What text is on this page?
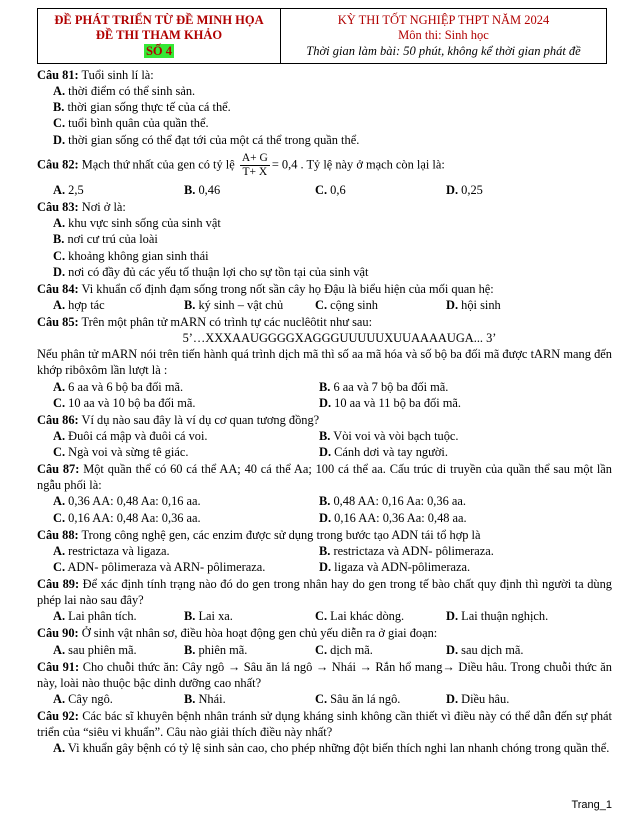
ĐỀ PHÁT TRIỂN TỪ ĐỀ MINH HỌA
ĐỀ THI THAM KHẢO
SỐ 4

KỲ THI TỐT NGHIỆP THPT NĂM 2024
Môn thi: Sinh học
Thời gian làm bài: 50 phút, không kể thời gian phát đề
Câu 81: Tuổi sinh lí là:
A. thời điểm có thể sinh sản.
B. thời gian sống thực tế của cá thể.
C. tuổi bình quân của quần thể.
D. thời gian sống có thể đạt tới của một cá thể trong quần thể.
Câu 82: Mạch thứ nhất của gen có tỷ lệ $\frac{A+ G}{T+ X} = 0,4$ . Tỷ lệ này ở mạch còn lại là:
A. 2,5	B. 0,46	C. 0,6	D. 0,25
Câu 83: Nơi ở là:
A. khu vực sinh sống của sinh vật
B. nơi cư trú của loài
C. khoảng không gian sinh thái
D. nơi có đầy đủ các yếu tố thuận lợi cho sự tồn tại của sinh vật
Câu 84: Vi khuẩn cố định đạm sống trong nốt sần cây họ Đậu là biểu hiện của mối quan hệ:
A. hợp tác	B. ký sinh – vật chủ	C. cộng sinh	D. hội sinh
Câu 85: Trên một phân tử mARN có trình tự các nuclêôtit như sau:
5’…XXXAAUGGGGXAGGGUUUUUXUUAAAAUGA... 3’
Nếu phân tử mARN nói trên tiến hành quá trình dịch mã thì số aa mã hóa và số bộ ba đối mã được tARN mang đến khớp ribôxôm lần lượt là :
A. 6 aa và 6 bộ ba đối mã.	B. 6 aa và 7 bộ ba đối mã.
C. 10 aa và 10 bộ ba đối mã.	D. 10 aa và 11 bộ ba đối mã.
Câu 86: Ví dụ nào sau đây là ví dụ cơ quan tương đồng?
A. Đuôi cá mập và đuôi cá voi.	B. Vòi voi và vòi bạch tuộc.
C. Ngà voi và sừng tê giác.	D. Cánh dơi và tay người.
Câu 87: Một quần thể có 60 cá thể AA; 40 cá thể Aa; 100 cá thể aa. Cấu trúc di truyền của quần thể sau một lần ngẫu phối là:
A. 0,36 AA: 0,48 Aa: 0,16 aa.	B. 0,48 AA: 0,16 Aa: 0,36 aa.
C. 0,16 AA: 0,48 Aa: 0,36 aa.	D. 0,16 AA: 0,36 Aa: 0,48 aa.
Câu 88: Trong công nghệ gen, các enzim được sử dụng trong bước tạo ADN tái tổ hợp là
A. restrictaza và ligaza.	B. restrictaza và ADN- pôlimeraza.
C. ADN- pôlimeraza và ARN- pôlimeraza.	D. ligaza và ADN-pôlimeraza.
Câu 89: Để xác định tính trạng nào đó do gen trong nhân hay do gen trong tế bào chất quy định thì người ta dùng phép lai nào sau đây?
A. Lai phân tích.	B. Lai xa.	C. Lai khác dòng.	D. Lai thuận nghịch.
Câu 90: Ở sinh vật nhân sơ, điều hòa hoạt động gen chủ yếu diễn ra ở giai đoạn:
A. sau phiên mã.	B. phiên mã.	C. dịch mã.	D. sau dịch mã.
Câu 91: Cho chuỗi thức ăn: Cây ngô → Sâu ăn lá ngô → Nhái → Rắn hổ mang→ Diều hâu. Trong chuỗi thức ăn này, loài nào thuộc bậc dinh dưỡng cao nhất?
A. Cây ngô.	B. Nhái.	C. Sâu ăn lá ngô.	D. Diều hâu.
Câu 92: Các bác sĩ khuyên bệnh nhân tránh sử dụng kháng sinh không cần thiết vì điều này có thể dẫn đến sự phát triển của “siêu vi khuẩn”. Câu nào giải thích điều này nhất?
A. Vi khuẩn gây bệnh có tỷ lệ sinh sản cao, cho phép những đột biến thích nghi lan nhanh chóng trong quần thể.
Trang_1
